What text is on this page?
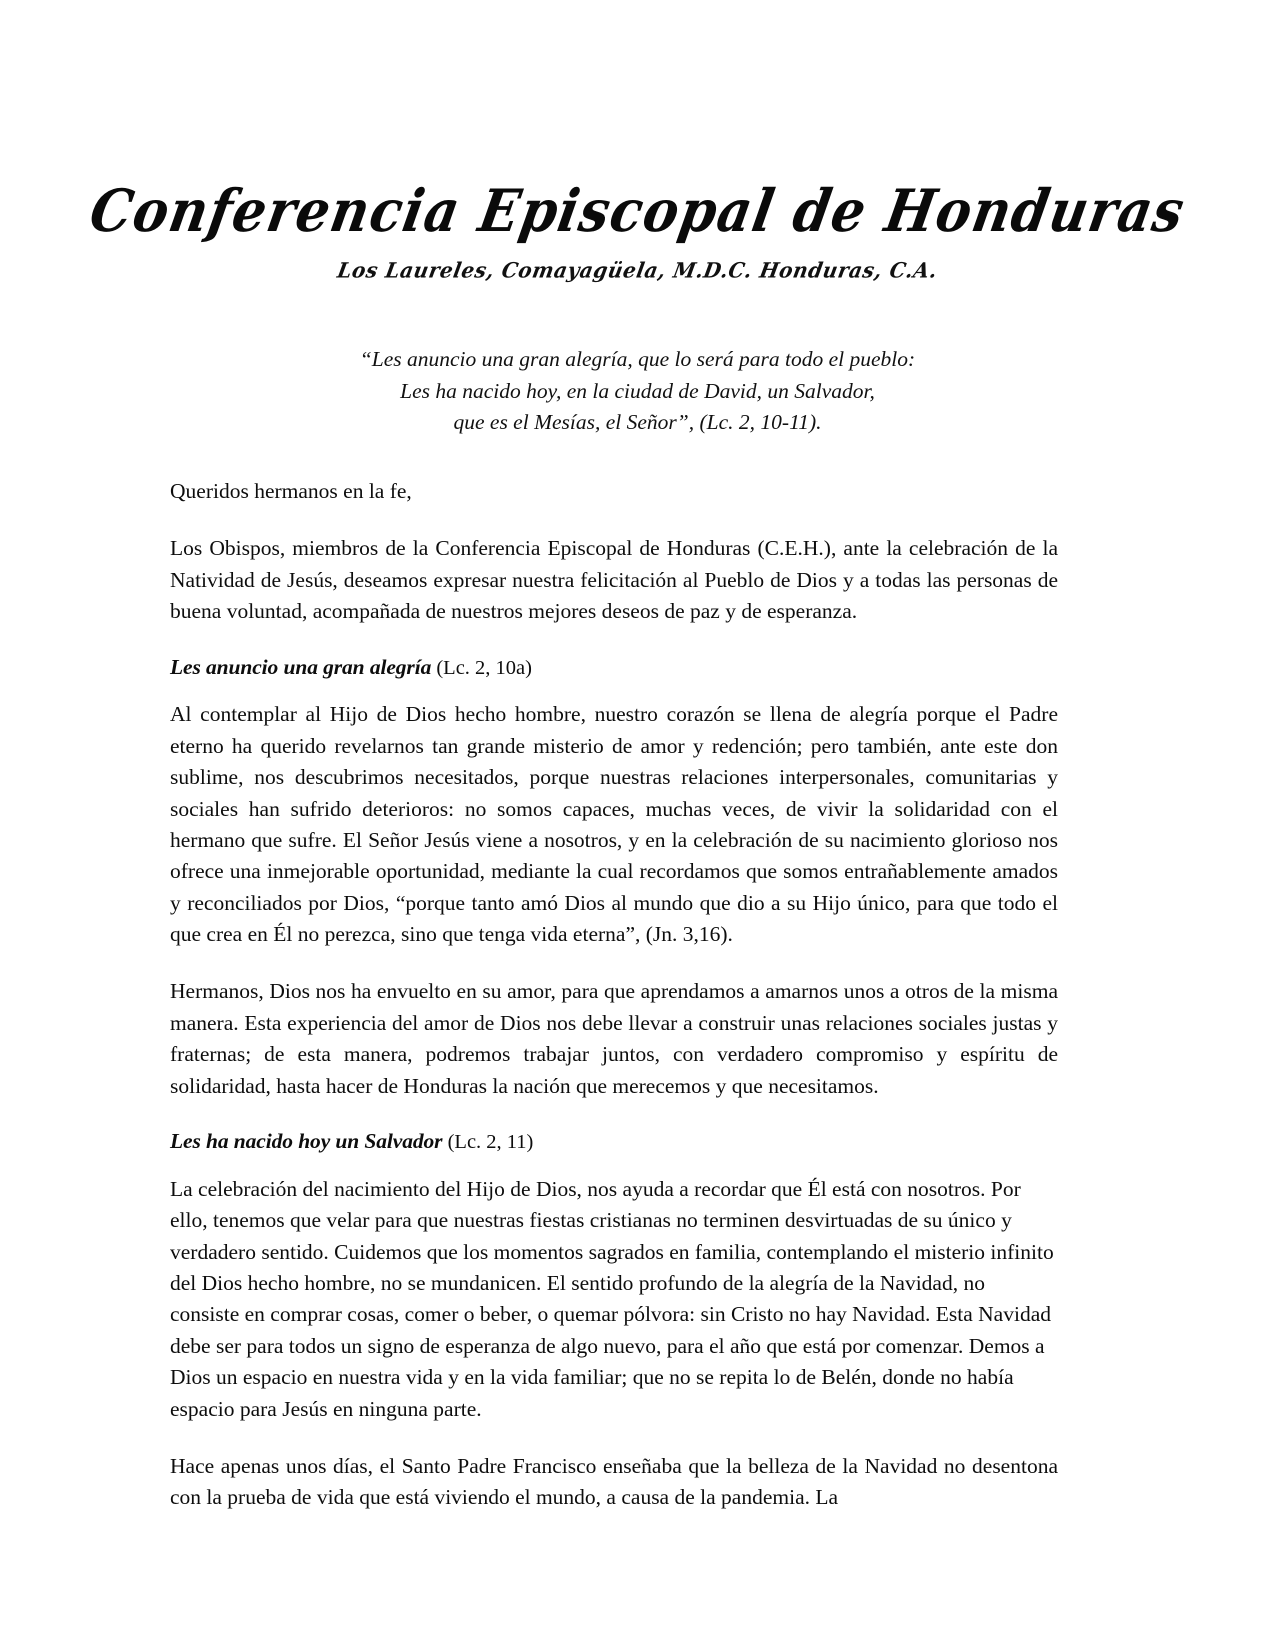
Conferencia Episcopal de Honduras
Los Laureles, Comayagüela, M.D.C. Honduras, C.A.
“Les anuncio una gran alegría, que lo será para todo el pueblo:
Les ha nacido hoy, en la ciudad de David, un Salvador,
que es el Mesías, el Señor”, (Lc. 2, 10-11).

Queridos hermanos en la fe,

Los Obispos, miembros de la Conferencia Episcopal de Honduras (C.E.H.), ante la celebración de la Natividad de Jesús, deseamos expresar nuestra felicitación al Pueblo de Dios y a todas las personas de buena voluntad, acompañada de nuestros mejores deseos de paz y de esperanza.

Les anuncio una gran alegría (Lc. 2, 10a)

Al contemplar al Hijo de Dios hecho hombre, nuestro corazón se llena de alegría porque el Padre eterno ha querido revelarnos tan grande misterio de amor y redención; pero también, ante este don sublime, nos descubrimos necesitados, porque nuestras relaciones interpersonales, comunitarias y sociales han sufrido deterioros: no somos capaces, muchas veces, de vivir la solidaridad con el hermano que sufre. El Señor Jesús viene a nosotros, y en la celebración de su nacimiento glorioso nos ofrece una inmejorable oportunidad, mediante la cual recordamos que somos entrañablemente amados y reconciliados por Dios, “porque tanto amó Dios al mundo que dio a su Hijo único, para que todo el que crea en Él no perezca, sino que tenga vida eterna”, (Jn. 3,16).

Hermanos, Dios nos ha envuelto en su amor, para que aprendamos a amarnos unos a otros de la misma manera. Esta experiencia del amor de Dios nos debe llevar a construir unas relaciones sociales justas y fraternas; de esta manera, podremos trabajar juntos, con verdadero compromiso y espíritu de solidaridad, hasta hacer de Honduras la nación que merecemos y que necesitamos.

Les ha nacido hoy un Salvador (Lc. 2, 11)

La celebración del nacimiento del Hijo de Dios, nos ayuda a recordar que Él está con nosotros. Por ello, tenemos que velar para que nuestras fiestas cristianas no terminen desvirtuadas de su único y verdadero sentido. Cuidemos que los momentos sagrados en familia, contemplando el misterio infinito del Dios hecho hombre, no se mundanicen. El sentido profundo de la alegría de la Navidad, no consiste en comprar cosas, comer o beber, o quemar pólvora: sin Cristo no hay Navidad. Esta Navidad debe ser para todos un signo de esperanza de algo nuevo, para el año que está por comenzar. Demos a Dios un espacio en nuestra vida y en la vida familiar; que no se repita lo de Belén, donde no había espacio para Jesús en ninguna parte.

Hace apenas unos días, el Santo Padre Francisco enseñaba que la belleza de la Navidad no desentona con la prueba de vida que está viviendo el mundo, a causa de la pandemia. La
